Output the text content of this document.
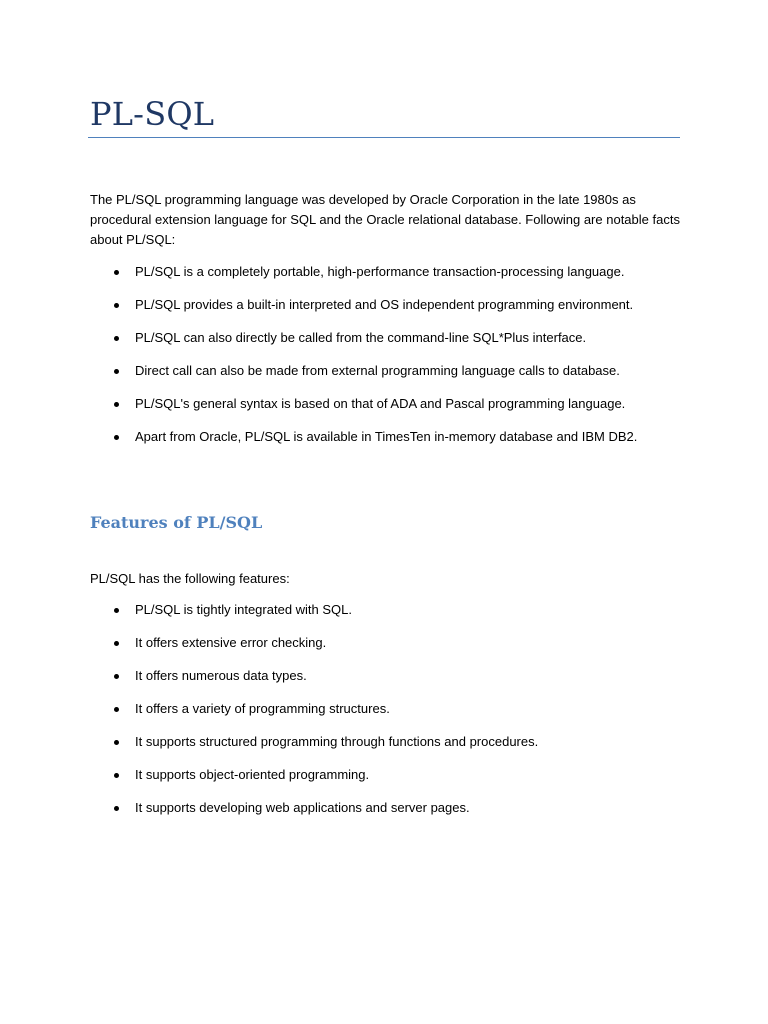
PL-SQL

The PL/SQL programming language was developed by Oracle Corporation in the late 1980s as procedural extension language for SQL and the Oracle relational database. Following are notable facts about PL/SQL:

PL/SQL is a completely portable, high-performance transaction-processing language.
PL/SQL provides a built-in interpreted and OS independent programming environment.
PL/SQL can also directly be called from the command-line SQL*Plus interface.
Direct call can also be made from external programming language calls to database.
PL/SQL's general syntax is based on that of ADA and Pascal programming language.
Apart from Oracle, PL/SQL is available in TimesTen in-memory database and IBM DB2.
Features of PL/SQL

PL/SQL has the following features:

PL/SQL is tightly integrated with SQL.
It offers extensive error checking.
It offers numerous data types.
It offers a variety of programming structures.
It supports structured programming through functions and procedures.
It supports object-oriented programming.
It supports developing web applications and server pages.
